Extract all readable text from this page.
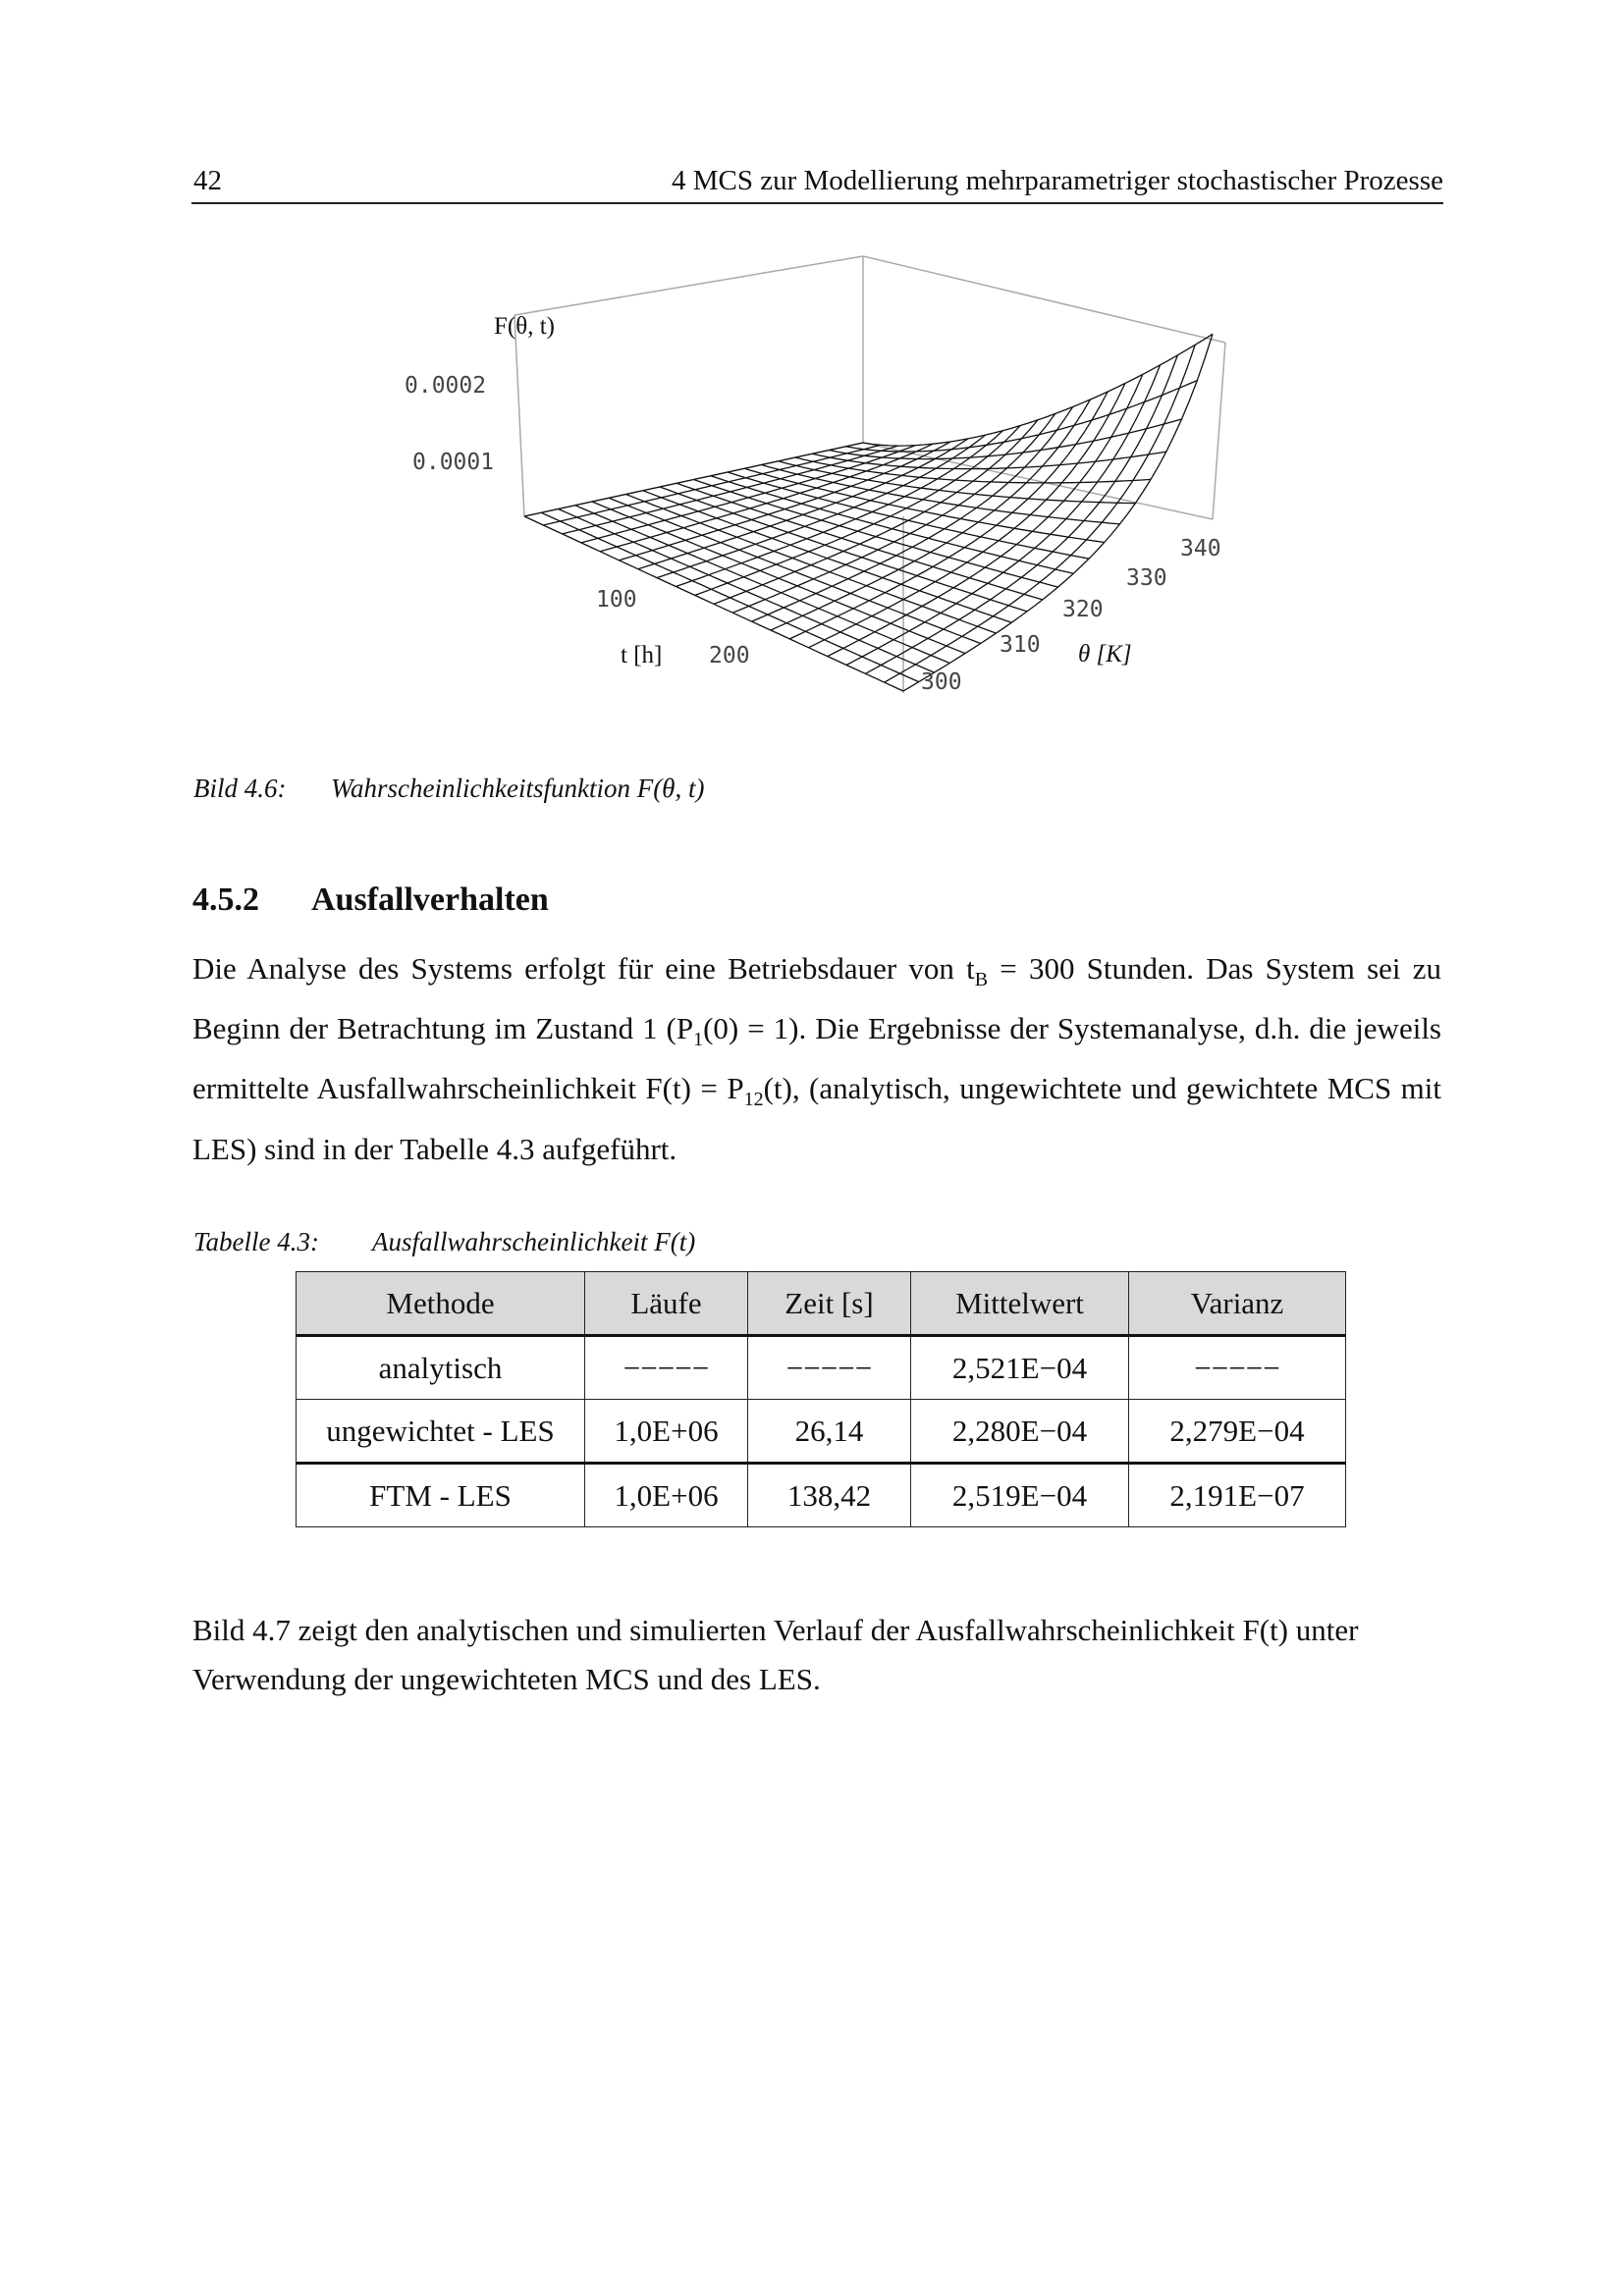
42	4 MCS zur Modellierung mehrparametriger stochastischer Prozesse
F(θ, t)
0.0002
0.0001
t [h]
100
200
300
310
320
330
340
θ [K]
Bild 4.6: Wahrscheinlichkeitsfunktion F(θ, t)
4.5.2 Ausfallverhalten
Die Analyse des Systems erfolgt für eine Betriebsdauer von $t_B = 300$ Stunden. Das System sei zu Beginn der Betrachtung im Zustand 1 $(P_1(0) = 1)$. Die Ergebnisse der Systemanalyse, d.h. die jeweils ermittelte Ausfallwahrscheinlichkeit $F(t) = P_{12}(t)$, (analytisch, ungewichtete und gewichtete MCS mit LES) sind in der Tabelle 4.3 aufgeführt.
Tabelle 4.3: Ausfallwahrscheinlichkeit F(t)
Methode	Läufe	Zeit [s]	Mittelwert	Varianz
analytisch	−−−−−	−−−−−	2,521E−04	−−−−−
ungewichtet - LES	1,0E+06	26,14	2,280E−04	2,279E−04
FTM - LES	1,0E+06	138,42	2,519E−04	2,191E−07
Bild 4.7 zeigt den analytischen und simulierten Verlauf der Ausfallwahrscheinlichkeit F(t) unter Verwendung der ungewichteten MCS und des LES.
